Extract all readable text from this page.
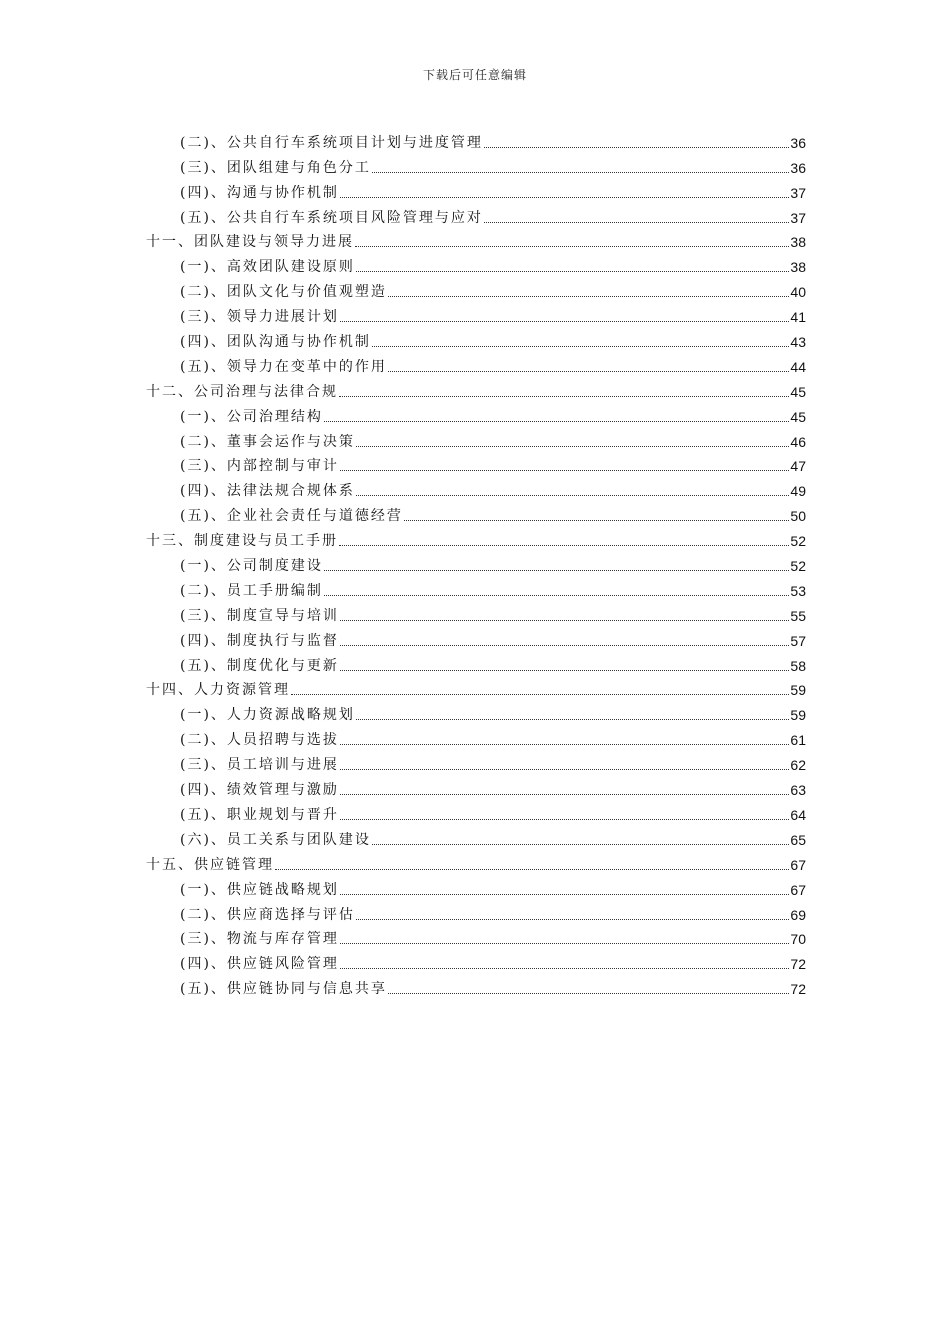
下载后可任意编辑
(二)、公共自行车系统项目计划与进度管理	36
(三)、团队组建与角色分工	36
(四)、沟通与协作机制	37
(五)、公共自行车系统项目风险管理与应对	37
十一、团队建设与领导力进展	38
(一)、高效团队建设原则	38
(二)、团队文化与价值观塑造	40
(三)、领导力进展计划	41
(四)、团队沟通与协作机制	43
(五)、领导力在变革中的作用	44
十二、公司治理与法律合规	45
(一)、公司治理结构	45
(二)、董事会运作与决策	46
(三)、内部控制与审计	47
(四)、法律法规合规体系	49
(五)、企业社会责任与道德经营	50
十三、制度建设与员工手册	52
(一)、公司制度建设	52
(二)、员工手册编制	53
(三)、制度宣导与培训	55
(四)、制度执行与监督	57
(五)、制度优化与更新	58
十四、人力资源管理	59
(一)、人力资源战略规划	59
(二)、人员招聘与选拔	61
(三)、员工培训与进展	62
(四)、绩效管理与激励	63
(五)、职业规划与晋升	64
(六)、员工关系与团队建设	65
十五、供应链管理	67
(一)、供应链战略规划	67
(二)、供应商选择与评估	69
(三)、物流与库存管理	70
(四)、供应链风险管理	72
(五)、供应链协同与信息共享	72
